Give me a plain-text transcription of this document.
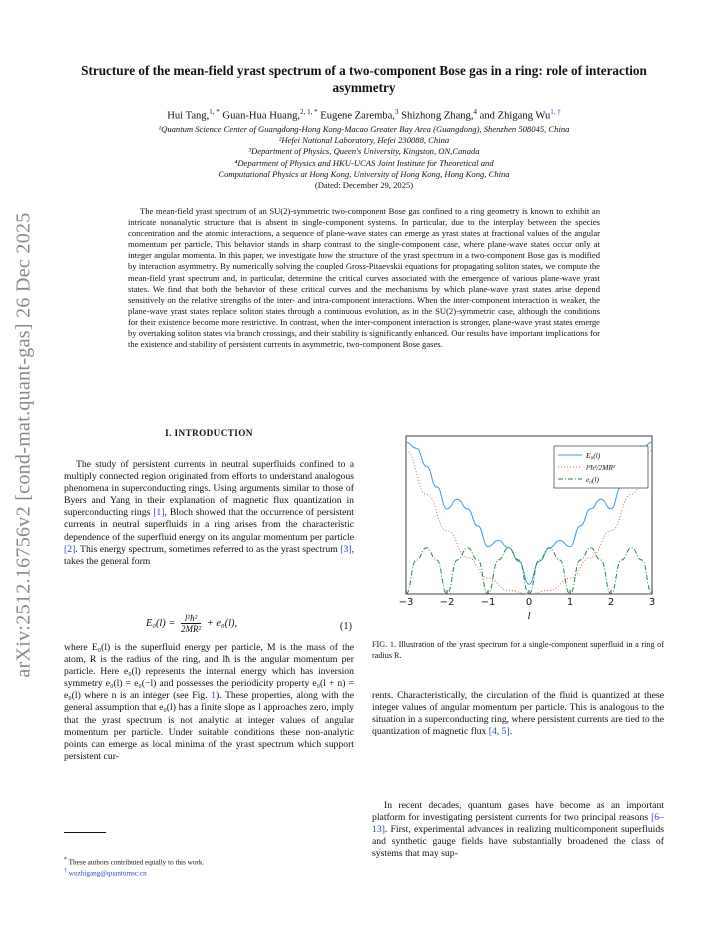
arXiv:2512.16756v2 [cond-mat.quant-gas] 26 Dec 2025
Structure of the mean-field yrast spectrum of a two-component Bose gas in a ring: role of interaction asymmetry
Hui Tang,$^{1, *}$ Guan-Hua Huang,$^{2, 1, *}$ Eugene Zaremba,$^3$ Shizhong Zhang,$^4$ and Zhigang $Wu^{1, \dagger}$
¹Quantum Science Center of Guangdong-Hong Kong-Macao Greater Bay Area (Guangdong), Shenzhen 508045, China
²Hefei National Laboratory, Hefei 230088, China
³Department of Physics, Queen's University, Kingston, ON,Canada
⁴Department of Physics and HKU-UCAS Joint Institute for Theoretical and
Computational Physics at Hong Kong, University of Hong Kong, Hong Kong, China
(Dated: December 29, 2025)
The mean-field yrast spectrum of an SU(2)-symmetric two-component Bose gas confined to a ring geometry is known to exhibit an intricate nonanalytic structure that is absent in single-component systems. In particular, due to the interplay between the species concentration and the atomic interactions, a sequence of plane-wave states can emerge as yrast states at fractional values of the angular momentum per particle. This behavior stands in sharp contrast to the single-component case, where plane-wave states occur only at integer angular momenta. In this paper, we investigate how the structure of the yrast spectrum in a two-component Bose gas is modified by interaction asymmetry. By numerically solving the coupled Gross-Pitaevskii equations for propagating soliton states, we compute the mean-field yrast spectrum and, in particular, determine the critical curves associated with the emergence of various plane-wave yrast states. We find that both the behavior of these critical curves and the mechanisms by which plane-wave yrast states arise depend sensitively on the relative strengths of the inter- and intra-component interactions. When the inter-component interaction is weaker, the plane-wave yrast states replace soliton states through a continuous evolution, as in the SU(2)-symmetric case, although the conditions for their existence become more restrictive. In contrast, when the inter-component interaction is stronger, plane-wave yrast states emerge by overtaking soliton states via branch crossings, and their stability is significantly enhanced. Our results have important implications for the existence and stability of persistent currents in asymmetric, two-component Bose gases.
I. INTRODUCTION
The study of persistent currents in neutral superfluids confined to a multiply connected region originated from efforts to understand analogous phenomena in superconducting rings. Using arguments similar to those of Byers and Yang in their explanation of magnetic flux quantization in superconducting rings [1], Bloch showed that the occurrence of persistent currents in neutral superfluids in a ring arises from the characteristic dependence of the superfluid energy on its angular momentum per particle [2]. This energy spectrum, sometimes referred to as the yrast spectrum [3], takes the general form
$E_0(l) = \frac{\text{l²ħ²}}{\text{2MR²}} + e_0(l)$,	(1)
where E₀(l) is the superfluid energy per particle, M is the mass of the atom, R is the radius of the ring, and lħ is the angular momentum per particle. Here e₀(l) represents the internal energy which has inversion symmetry e₀(l) = e₀(−l) and possesses the periodicity property e₀(l + n) = e₀(l) where n is an integer (see Fig. 1). These properties, along with the general assumption that e₀(l) has a finite slope as l approaches zero, imply that the yrast spectrum is not analytic at integer values of angular momentum per particle. Under suitable conditions these non-analytic points can emerge as local minima of the yrast spectrum which support persistent cur-
* These authors contributed equally to this work.
† wuzhigang@quantumsc.cn
−3	−2	−1	0	1	2	3
l
E₀(l)
l²ħ²/2MR²
e₀(l)
FIG. 1. Illustration of the yrast spectrum for a single-component superfluid in a ring of radius R.
rents. Characteristically, the circulation of the fluid is quantized at these integer values of angular momentum per particle. This is analogous to the situation in a superconducting ring, where persistent currents are tied to the quantization of magnetic flux [4, 5].
In recent decades, quantum gases have become as an important platform for investigating persistent currents for two principal reasons [6–13]. First, experimental advances in realizing multicomponent superfluids and synthetic gauge fields have substantially broadened the class of systems that may sup-
